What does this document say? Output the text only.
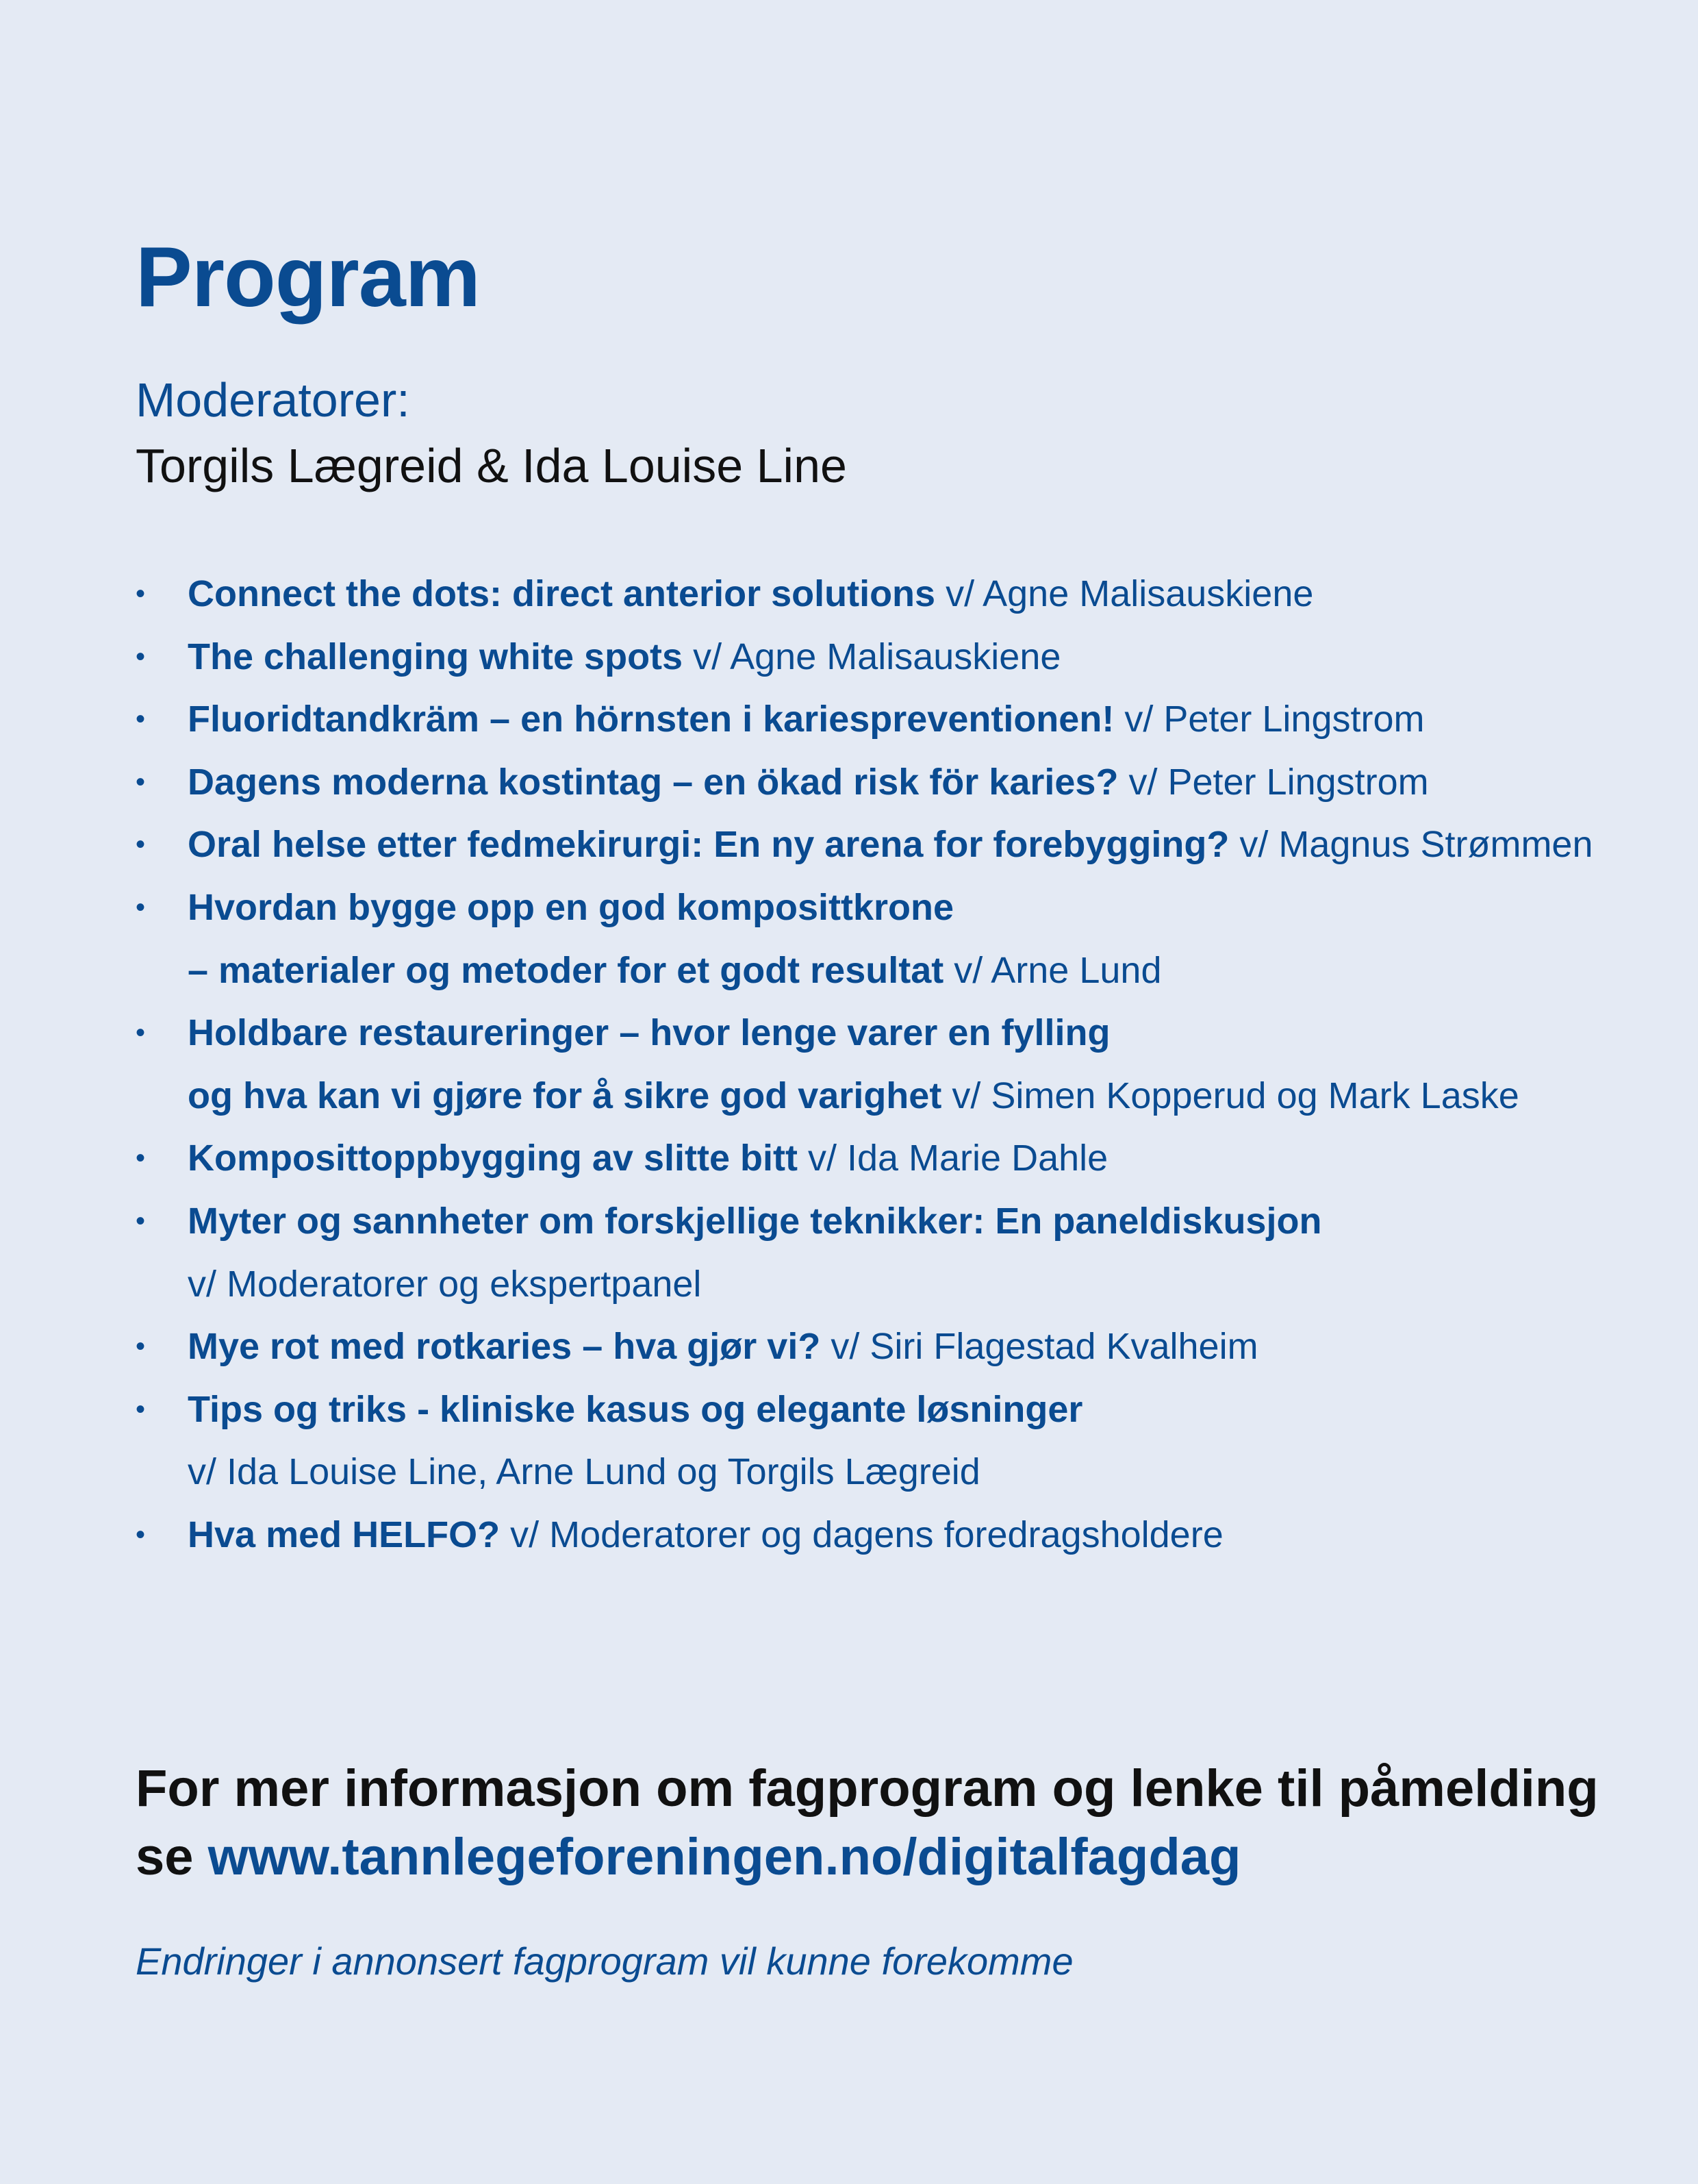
Program
Moderatorer:
Torgils Lægreid & Ida Louise Line
•	Connect the dots: direct anterior solutions v/ Agne Malisauskiene
•	The challenging white spots v/ Agne Malisauskiene
•	Fluoridtandkräm – en hörnsten i kariespreventionen! v/ Peter Lingstrom
•	Dagens moderna kostintag – en ökad risk för karies? v/ Peter Lingstrom
•	Oral helse etter fedmekirurgi: En ny arena for forebygging? v/ Magnus Strømmen
•	Hvordan bygge opp en god komposittkrone
– materialer og metoder for et godt resultat v/ Arne Lund
•	Holdbare restaureringer – hvor lenge varer en fylling
og hva kan vi gjøre for å sikre god varighet v/ Simen Kopperud og Mark Laske
•	Komposittoppbygging av slitte bitt v/ Ida Marie Dahle
•	Myter og sannheter om forskjellige teknikker: En paneldiskusjon
v/ Moderatorer og ekspertpanel
•	Mye rot med rotkaries – hva gjør vi? v/ Siri Flagestad Kvalheim
•	Tips og triks - kliniske kasus og elegante løsninger
v/ Ida Louise Line, Arne Lund og Torgils Lægreid
•	Hva med HELFO? v/ Moderatorer og dagens foredragsholdere
For mer informasjon om fagprogram og lenke til påmelding
se www.tannlegeforeningen.no/digitalfagdag
Endringer i annonsert fagprogram vil kunne forekomme
